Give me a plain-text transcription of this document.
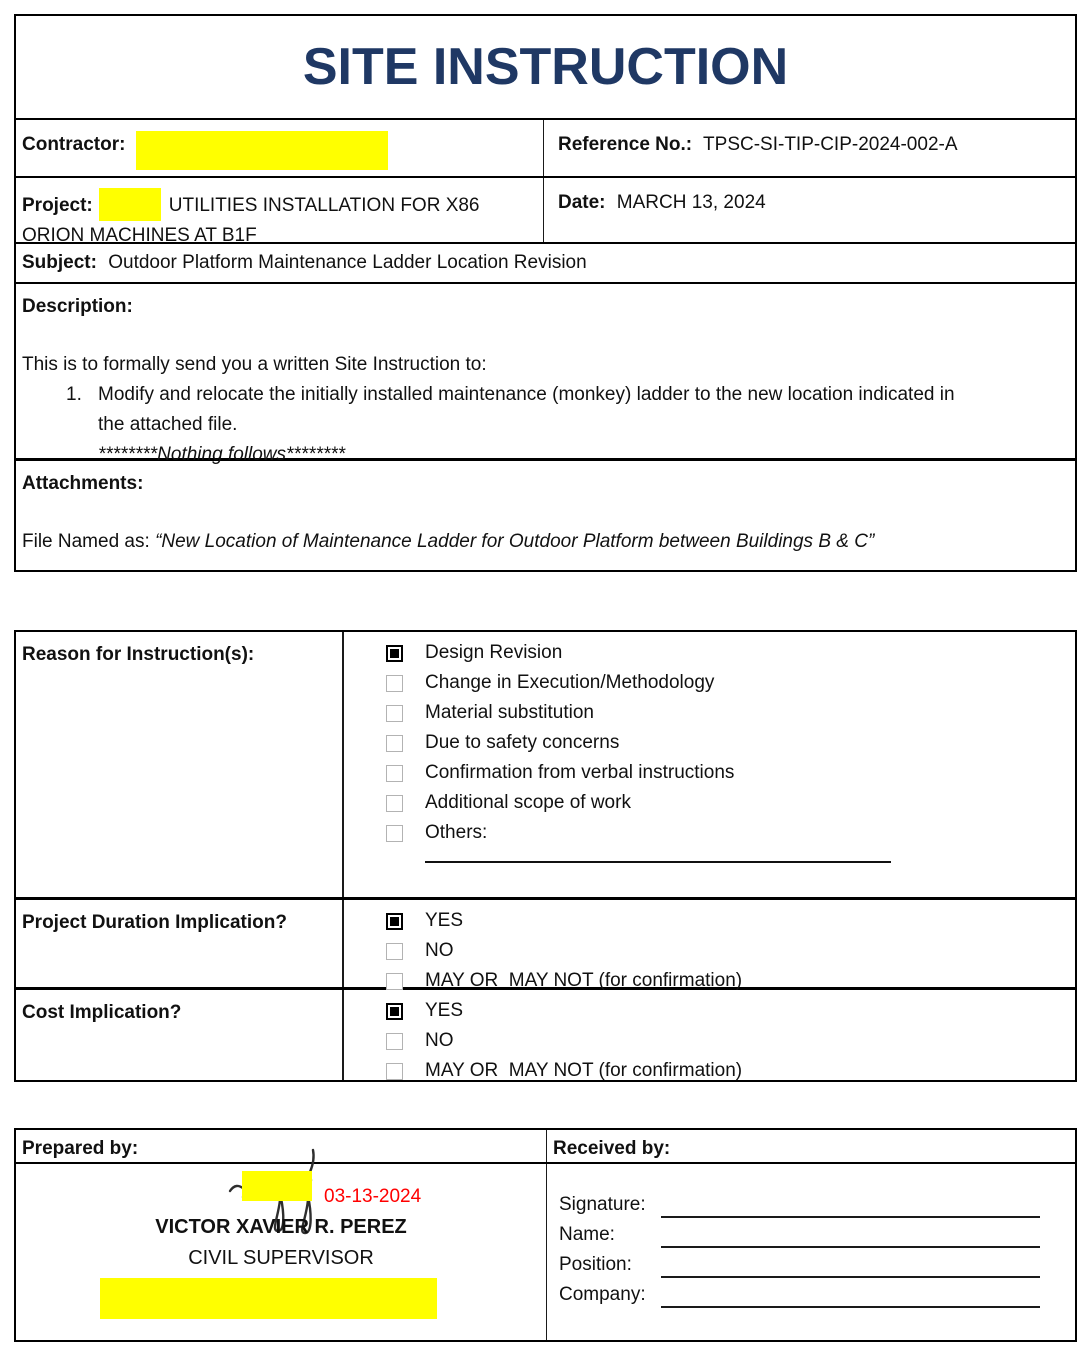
SITE INSTRUCTION
Contractor:	Reference No.: TPSC-SI-TIP-CIP-2024-002-A
Project:	UTILITIES INSTALLATION FOR X86
ORION MACHINES AT B1F
Date: MARCH 13, 2024
Subject: Outdoor Platform Maintenance Ladder Location Revision
Description:
This is to formally send you a written Site Instruction to:
1. Modify and relocate the initially installed maintenance (monkey) ladder to the new location indicated in the attached file.
********Nothing follows********
Attachments:
File Named as: “New Location of Maintenance Ladder for Outdoor Platform between Buildings B & C”
Reason for Instruction(s):	Design Revision
Change in Execution/Methodology
Material substitution
Due to safety concerns
Confirmation from verbal instructions
Additional scope of work
Others:
Project Duration Implication?	YES
NO
MAY OR  MAY NOT (for confirmation)
Cost Implication?	YES
NO
MAY OR  MAY NOT (for confirmation)
Prepared by:	Received by:
03-13-2024
VICTOR XAVIER R. PEREZ
CIVIL SUPERVISOR
Signature:
Name:
Position:
Company:
